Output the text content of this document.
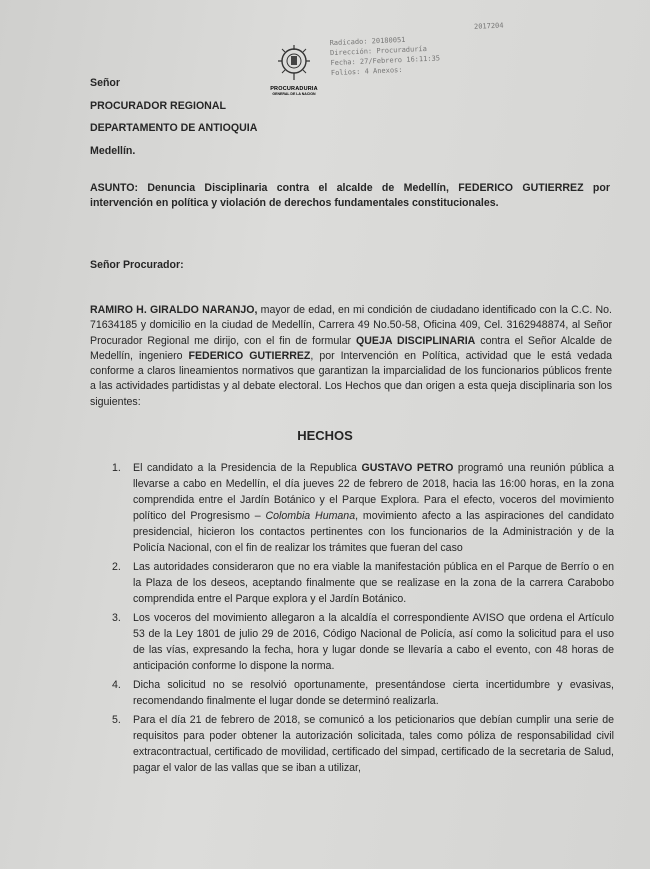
PROCURADURIA
GENERAL DE LA NACION
2017204
Radicado: 20180051
Dirección: Procuraduría
Fecha: 27/Febrero 16:11:35
Folios: 4 Anexos:
Señor
PROCURADOR REGIONAL
DEPARTAMENTO DE ANTIOQUIA
Medellín.
ASUNTO: Denuncia Disciplinaria contra el alcalde de Medellín, FEDERICO GUTIERREZ por intervención en política y violación de derechos fundamentales constitucionales.
Señor Procurador:
RAMIRO H. GIRALDO NARANJO, mayor de edad, en mi condición de ciudadano identificado con la C.C. No. 71634185 y domicilio en la ciudad de Medellín, Carrera 49 No.50-58, Oficina 409, Cel. 3162948874, al Señor Procurador Regional me dirijo, con el fin de formular QUEJA DISCIPLINARIA contra el Señor Alcalde de Medellín, ingeniero FEDERICO GUTIERREZ, por Intervención en Política, actividad que le está vedada conforme a claros lineamientos normativos que garantizan la imparcialidad de los funcionarios públicos frente a las actividades partidistas y al debate electoral. Los Hechos que dan origen a esta queja disciplinaria son los siguientes:
HECHOS
1. El candidato a la Presidencia de la Republica GUSTAVO PETRO programó una reunión pública a llevarse a cabo en Medellín, el día jueves 22 de febrero de 2018, hacia las 16:00 horas, en la zona comprendida entre el Jardín Botánico y el Parque Explora. Para el efecto, voceros del movimiento político del Progresismo – Colombia Humana, movimiento afecto a las aspiraciones del candidato presidencial, hicieron los contactos pertinentes con los funcionarios de la Administración y de la Policía Nacional, con el fin de realizar los trámites que fueran del caso
2. Las autoridades consideraron que no era viable la manifestación pública en el Parque de Berrío o en la Plaza de los deseos, aceptando finalmente que se realizase en la zona de la carrera Carabobo comprendida entre el Parque explora y el Jardín Botánico.
3. Los voceros del movimiento allegaron a la alcaldía el correspondiente AVISO que ordena el Artículo 53 de la Ley 1801 de julio 29 de 2016, Código Nacional de Policía, así como la solicitud para el uso de las vías, expresando la fecha, hora y lugar donde se llevaría a cabo el evento, con 48 horas de anticipación conforme lo dispone la norma.
4. Dicha solicitud no se resolvió oportunamente, presentándose cierta incertidumbre y evasivas, recomendando finalmente el lugar donde se determinó realizarla.
5. Para el día 21 de febrero de 2018, se comunicó a los peticionarios que debían cumplir una serie de requisitos para poder obtener la autorización solicitada, tales como póliza de responsabilidad civil extracontractual, certificado de movilidad, certificado del simpad, certificado de la secretaria de Salud, pagar el valor de las vallas que se iban a utilizar,
